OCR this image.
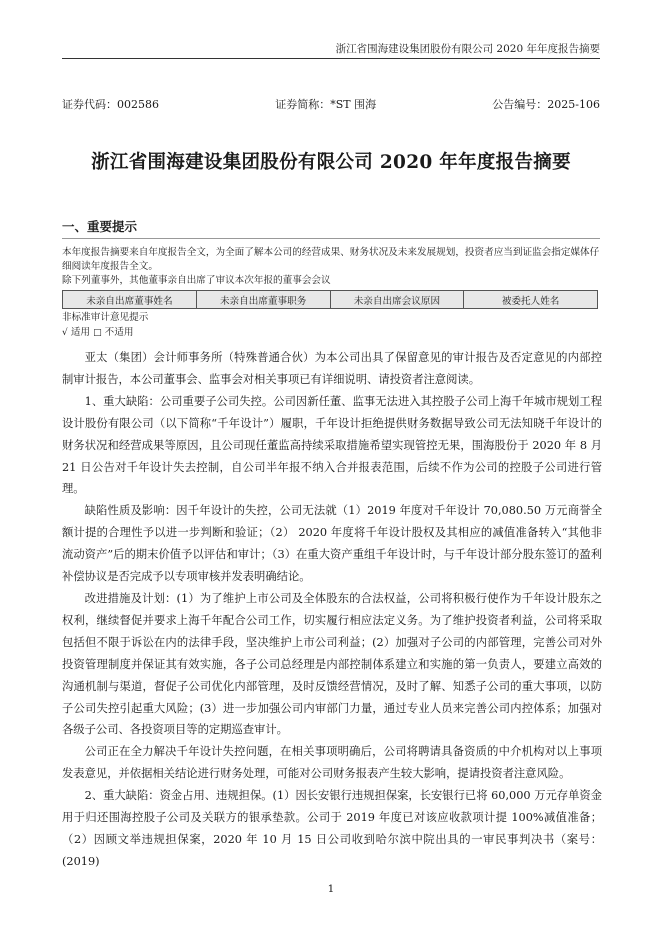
浙江省围海建设集团股份有限公司 2020 年年度报告摘要
证券代码：002586	证券简称：*ST 围海	公告编号：2025-106
浙江省围海建设集团股份有限公司 2020 年年度报告摘要
一、重要提示
本年度报告摘要来自年度报告全文，为全面了解本公司的经营成果、财务状况及未来发展规划，投资者应当到证监会指定媒体仔细阅读年度报告全文。
除下列董事外，其他董事亲自出席了审议本次年报的董事会会议
未亲自出席董事姓名	未亲自出席董事职务	未亲自出席会议原因	被委托人姓名
非标准审计意见提示
√ 适用 □ 不适用

亚太（集团）会计师事务所（特殊普通合伙）为本公司出具了保留意见的审计报告及否定意见的内部控制审计报告，本公司董事会、监事会对相关事项已有详细说明、请投资者注意阅读。

1、重大缺陷：公司重要子公司失控。公司因新任董、监事无法进入其控股子公司上海千年城市规划工程设计股份有限公司（以下简称“千年设计”）履职，千年设计拒绝提供财务数据导致公司无法知晓千年设计的财务状况和经营成果等原因，且公司现任董监高持续采取措施希望实现管控无果，围海股份于 2020 年 8 月 21 日公告对千年设计失去控制，自公司半年报不纳入合并报表范围，后续不作为公司的控股子公司进行管理。

缺陷性质及影响：因千年设计的失控，公司无法就（1）2019 年度对千年设计 70,080.50 万元商誉全额计提的合理性予以进一步判断和验证；（2） 2020 年度将千年设计股权及其相应的减值准备转入“其他非流动资产”后的期末价值予以评估和审计；（3）在重大资产重组千年设计时，与千年设计部分股东签订的盈利补偿协议是否完成予以专项审核并发表明确结论。

改进措施及计划：(1）为了维护上市公司及全体股东的合法权益，公司将积极行使作为千年设计股东之权利，继续督促并要求上海千年配合公司工作，切实履行相应法定义务。为了维护投资者利益，公司将采取包括但不限于诉讼在内的法律手段，坚决维护上市公司利益；(2）加强对子公司的内部管理，完善公司对外投资管理制度并保证其有效实施，各子公司总经理是内部控制体系建立和实施的第一负责人，要建立高效的沟通机制与渠道，督促子公司优化内部管理，及时反馈经营情况，及时了解、知悉子公司的重大事项，以防子公司失控引起重大风险；(3）进一步加强公司内审部门力量，通过专业人员来完善公司内控体系；加强对各级子公司、各投资项目等的定期巡查审计。

公司正在全力解决千年设计失控问题，在相关事项明确后，公司将聘请具备资质的中介机构对以上事项发表意见，并依据相关结论进行财务处理，可能对公司财务报表产生较大影响，提请投资者注意风险。

2、重大缺陷：资金占用、违规担保。(1）因长安银行违规担保案，长安银行已将 60,000 万元存单资金用于归还围海控股子公司及关联方的银承垫款。公司于 2019 年度已对该应收款项计提 100%减值准备；（2）因顾文举违规担保案，2020 年 10 月 15 日公司收到哈尔滨中院出具的一审民事判决书（案号：(2019)

1
